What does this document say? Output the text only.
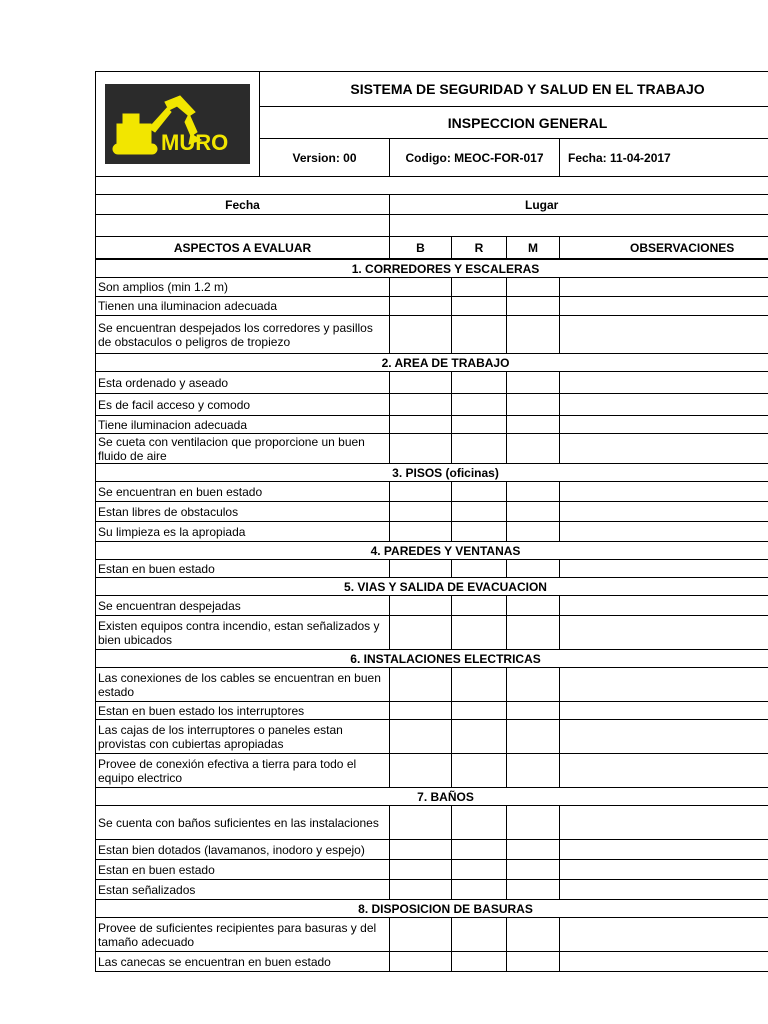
MURO	SISTEMA DE SEGURIDAD Y SALUD EN EL TRABAJO				
	INSPECCION GENERAL				
	Version: 00	Codigo: MEOC-FOR-017			Fecha: 11-04-2017

Fecha		Lugar			

ASPECTOS A EVALUAR		B	R	M	OBSERVACIONES
1. CORREDORES Y ESCALERAS				
Son amplios (min 1.2 m)				
Tienen una iluminacion adecuada				
Se encuentran despejados los corredores y pasillos de obstaculos o peligros de tropiezo				
2. AREA DE TRABAJO				
Esta ordenado y aseado				
Es de facil acceso y comodo				
Tiene iluminacion adecuada				
Se cueta con ventilacion que proporcione un buen fluido de aire				
3. PISOS (oficinas)				
Se encuentran en buen estado				
Estan libres de obstaculos				
Su limpieza es la apropiada				
4. PAREDES Y VENTANAS				
Estan en buen estado				
5. VIAS Y SALIDA DE EVACUACION				
Se encuentran despejadas				
Existen equipos contra incendio, estan señalizados y bien ubicados				
6. INSTALACIONES ELECTRICAS				
Las conexiones de los cables se encuentran en buen estado				
Estan en buen estado los interruptores				
Las cajas de los interruptores o paneles estan provistas con cubiertas apropiadas				
Provee de conexión efectiva a tierra para todo el equipo electrico				
7. BAÑOS				
Se cuenta con baños suficientes en las instalaciones				
Estan bien dotados (lavamanos, inodoro y espejo)				
Estan en buen estado				
Estan señalizados				
8. DISPOSICION DE BASURAS				
Provee de suficientes recipientes para basuras y del tamaño adecuado				
Las canecas se encuentran en buen estado				
